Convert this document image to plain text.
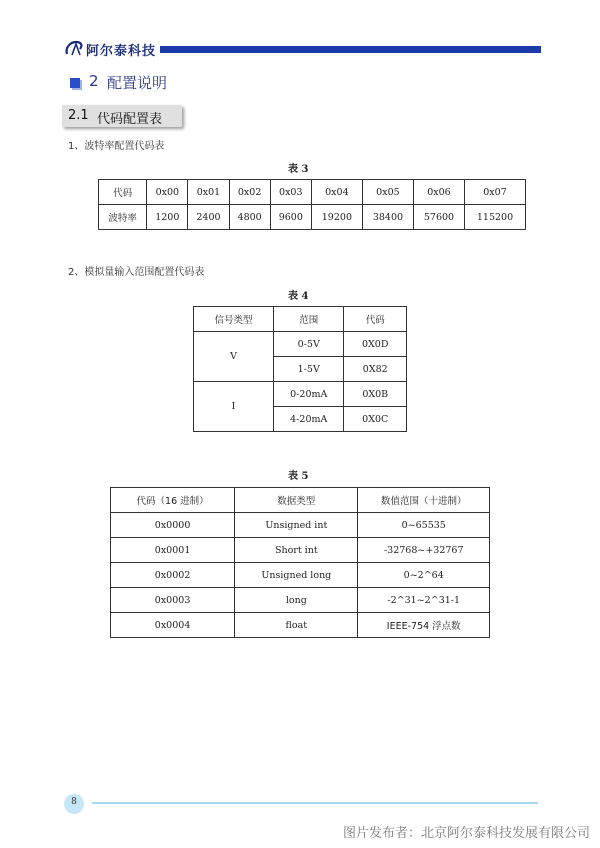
阿尔泰科技
2 配置说明
2.1 代码配置表
1、波特率配置代码表
表 3
代码	0x00	0x01	0x02	0x03	0x04	0x05	0x06	0x07
波特率	1200	2400	4800	9600	19200	38400	57600	115200
2、模拟量输入范围配置代码表
表 4
信号类型	范围	代码
V	0-5V	0X0D
	1-5V	0X82
I	0-20mA	0X0B
	4-20mA	0X0C
表 5
代码（16 进制）	数据类型	数值范围（十进制）
0x0000	Unsigned int	0~65535
0x0001	Short int	-32768~+32767
0x0002	Unsigned long	0~2^64
0x0003	long	-2^31~2^31-1
0x0004	float	IEEE-754 浮点数
8
图片发布者：北京阿尔泰科技发展有限公司
